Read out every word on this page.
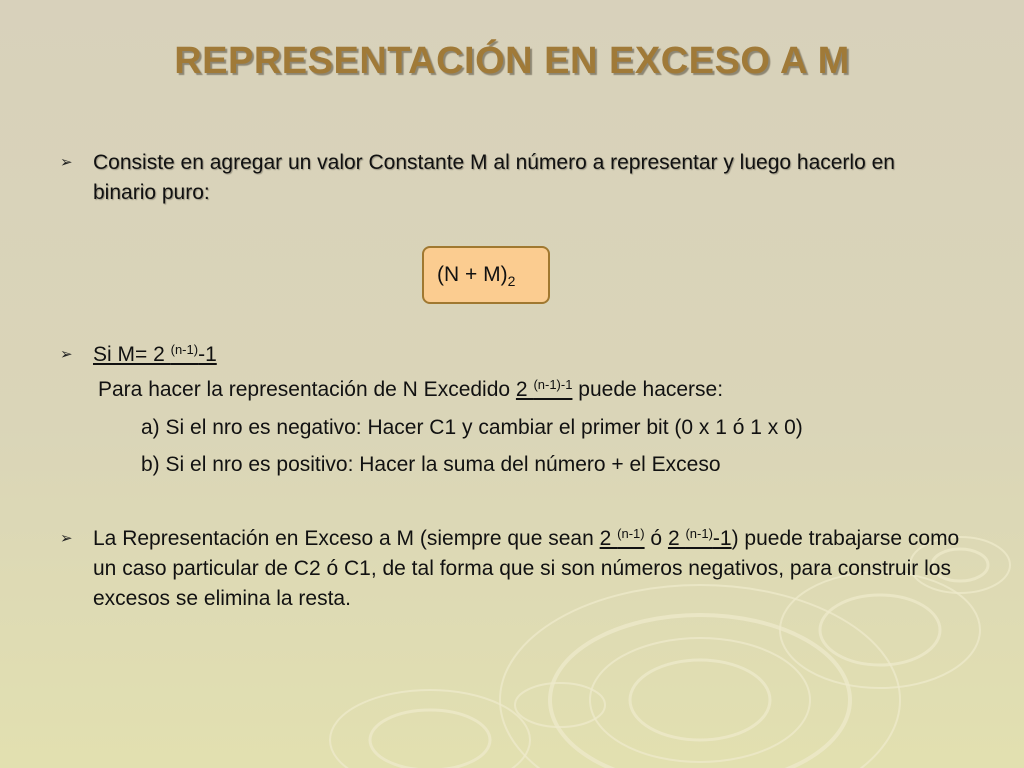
REPRESENTACIÓN EN EXCESO A M
➢ Consiste en agregar un valor Constante M al número a representar y luego hacerlo en binario puro:
$(N + M)_2$
➢ Si M= 2 $^{(n-1)}$-1
Para hacer la representación de N Excedido 2 $^{(n-1)-1}$ puede hacerse:
a) Si el nro es negativo: Hacer C1 y cambiar el primer bit (0 x 1 ó 1 x 0)
b) Si el nro es positivo: Hacer la suma del número + el Exceso
➢ La Representación en Exceso a M (siempre que sean 2 $^{(n-1)}$ ó 2 $^{(n-1)}$-1) puede trabajarse como un caso particular de C2 ó C1, de tal forma que si son números negativos, para construir los excesos se elimina la resta.
